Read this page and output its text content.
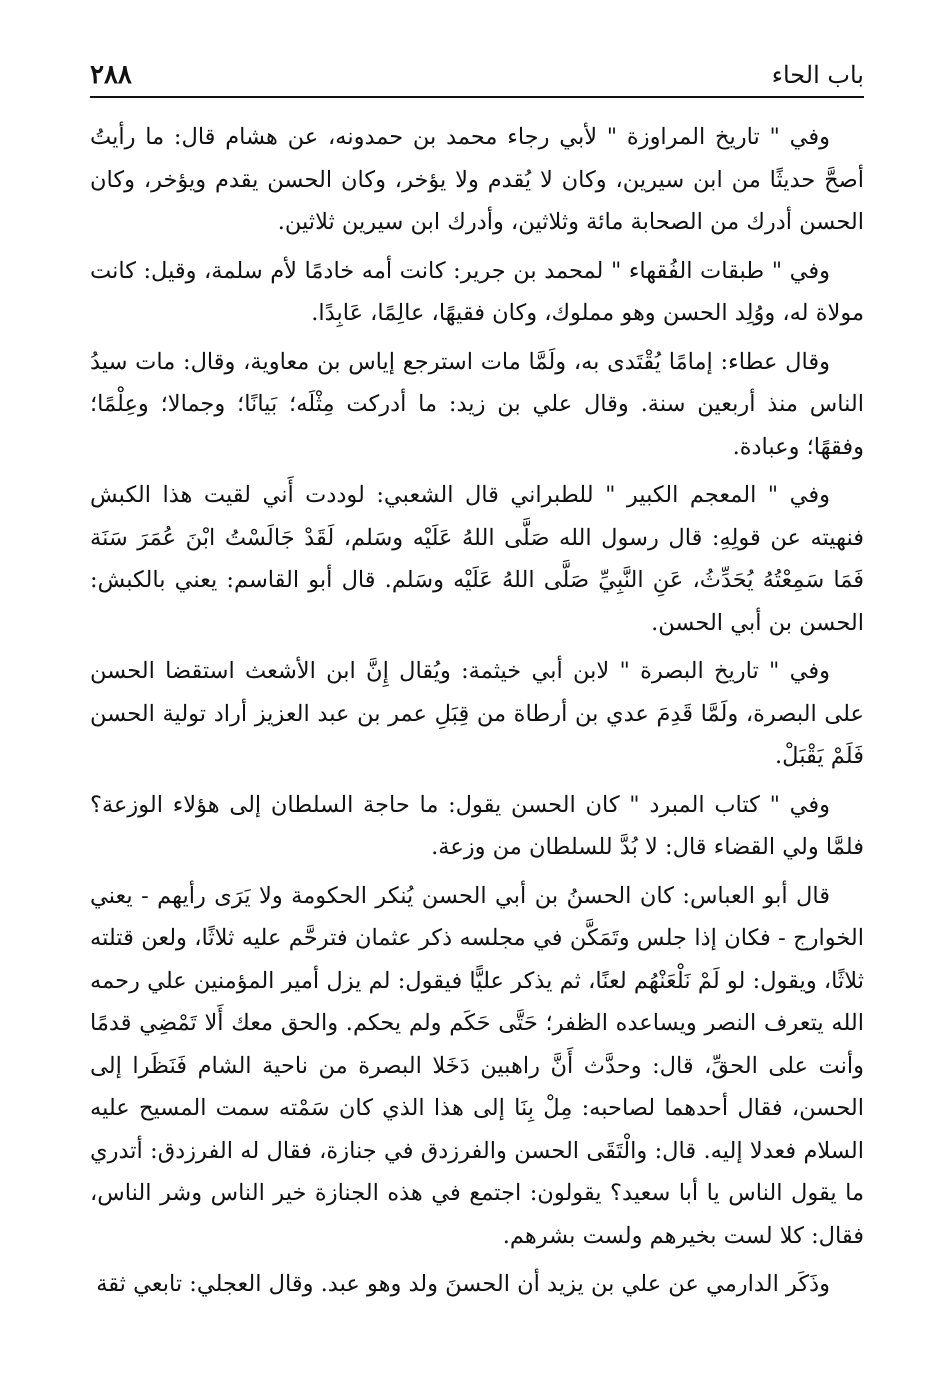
باب الحاء
٢٨٨

وفي " تاريخ المراوزة " لأبي رجاء محمد بن حمدونه، عن هشام قال: ما رأيتُ أصحَّ حديثًا من ابن سيرين، وكان لا يُقدم ولا يؤخر، وكان الحسن يقدم ويؤخر، وكان الحسن أدرك من الصحابة مائة وثلاثين، وأدرك ابن سيرين ثلاثين.

وفي " طبقات الفُقهاء " لمحمد بن جرير: كانت أمه خادمًا لأم سلمة، وقيل: كانت مولاة له، ووُلِد الحسن وهو مملوك، وكان فقيهًا، عالِمًا، عَابِدًا.

وقال عطاء: إمامًا يُقْتَدى به، ولَمَّا مات استرجع إياس بن معاوية، وقال: مات سيدُ الناس منذ أربعين سنة. وقال علي بن زيد: ما أدركت مِثْلَه؛ بَيانًا؛ وجمالا؛ وعِلْمًا؛ وفقهًا؛ وعبادة.

وفي " المعجم الكبير " للطبراني قال الشعبي: لوددت أَني لقيت هذا الكبش فنهيته عن قولِهِ: قال رسول الله صَلَّى اللهُ عَلَيْه وسَلم، لَقَدْ جَالَسْتُ ابْنَ عُمَرَ سَنَة فَمَا سَمِعْتُهُ يُحَدِّثُ، عَنِ النَّبِيِّ صَلَّى اللهُ عَلَيْه وسَلم. قال أبو القاسم: يعني بالكبش: الحسن بن أبي الحسن.

وفي " تاريخ البصرة " لابن أبي خيثمة: ويُقال إِنَّ ابن الأشعث استقضا الحسن على البصرة، ولَمَّا قَدِمَ عدي بن أرطاة من قِبَلِ عمر بن عبد العزيز أراد تولية الحسن فَلَمْ يَقْبَلْ.

وفي " كتاب المبرد " كان الحسن يقول: ما حاجة السلطان إلى هؤلاء الوزعة؟ فلمَّا ولي القضاء قال: لا بُدَّ للسلطان من وزعة.

قال أبو العباس: كان الحسنُ بن أبي الحسن يُنكر الحكومة ولا يَرَى رأيهم - يعني الخوارج - فكان إذا جلس وتَمَكَّن في مجلسه ذكر عثمان فترحَّم عليه ثلاثًا، ولعن قتلته ثلاثًا، ويقول: لو لَمْ نَلْعَنْهُم لعنًا، ثم يذكر عليًّا فيقول: لم يزل أمير المؤمنين علي رحمه الله يتعرف النصر ويساعده الظفر؛ حَتَّى حَكَم ولم يحكم. والحق معك أَلا تَمْضِي قدمًا وأنت على الحقِّ، قال: وحدَّث أَنَّ راهبين دَخَلا البصرة من ناحية الشام فَنَظَرا إلى الحسن، فقال أحدهما لصاحبه: مِلْ بِنَا إلى هذا الذي كان سَمْته سمت المسيح عليه السلام فعدلا إليه. قال: والْتَقَى الحسن والفرزدق في جنازة، فقال له الفرزدق: أتدري ما يقول الناس يا أبا سعيد؟ يقولون: اجتمع في هذه الجنازة خير الناس وشر الناس، فقال: كلا لست بخيرهم ولست بشرهم.

وذَكَر الدارمي عن علي بن يزيد أن الحسنَ ولد وهو عبد. وقال العجلي: تابعي ثقة
